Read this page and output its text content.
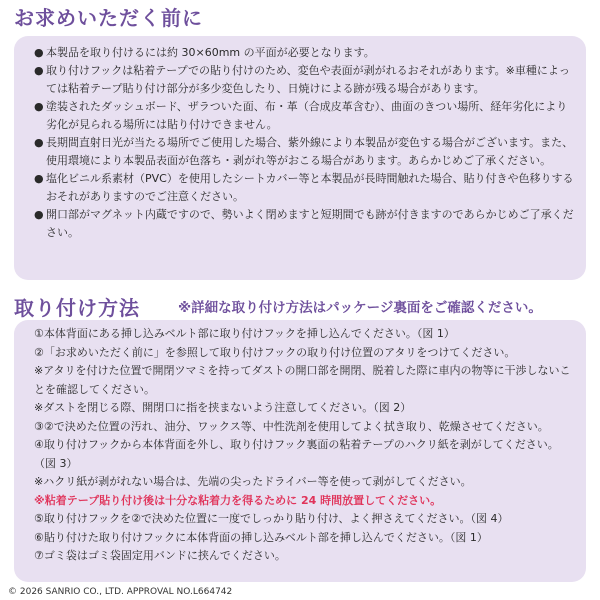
お求めいただく前に
● 本製品を取り付けるには約 30×60mm の平面が必要となります。
● 取り付けフックは粘着テープでの貼り付けのため、変色や表面が剥がれるおそれがあります。※車種によっては粘着テープ貼り付け部分が多少変色したり、日焼けによる跡が残る場合があります。
● 塗装されたダッシュボード、ザラついた面、布・革（合成皮革含む）、曲面のきつい場所、経年劣化により劣化が見られる場所には貼り付けできません。
● 長期間直射日光が当たる場所でご使用した場合、紫外線により本製品が変色する場合がございます。また、使用環境により本製品表面が色落ち・剥がれ等がおこる場合があります。あらかじめご了承ください。
● 塩化ビニル系素材（PVC）を使用したシートカバー等と本製品が長時間触れた場合、貼り付きや色移りするおそれがありますのでご注意ください。
● 開口部がマグネット内蔵ですので、勢いよく閉めますと短期間でも跡が付きますのであらかじめご了承ください。
取り付け方法	※詳細な取り付け方法はパッケージ裏面をご確認ください。
①本体背面にある挿し込みベルト部に取り付けフックを挿し込んでください。（図 1）
②「お求めいただく前に」を参照して取り付けフックの取り付け位置のアタリをつけてください。
※アタリを付けた位置で開閉ツマミを持ってダストの開口部を開閉、脱着した際に車内の物等に干渉しないことを確認してください。
※ダストを閉じる際、開閉口に指を挟まないよう注意してください。（図 2）
③②で決めた位置の汚れ、油分、ワックス等、中性洗剤を使用してよく拭き取り、乾燥させてください。
④取り付けフックから本体背面を外し、取り付けフック裏面の粘着テープのハクリ紙を剥がしてください。（図 3）
※ハクリ紙が剥がれない場合は、先端の尖ったドライバー等を使って剥がしてください。
※粘着テープ貼り付け後は十分な粘着力を得るために 24 時間放置してください。
⑤取り付けフックを②で決めた位置に一度でしっかり貼り付け、よく押さえてください。（図 4）
⑥貼り付けた取り付けフックに本体背面の挿し込みベルト部を挿し込んでください。（図 1）
⑦ゴミ袋はゴミ袋固定用バンドに挟んでください。
© 2026 SANRIO CO., LTD. APPROVAL NO.L664742
